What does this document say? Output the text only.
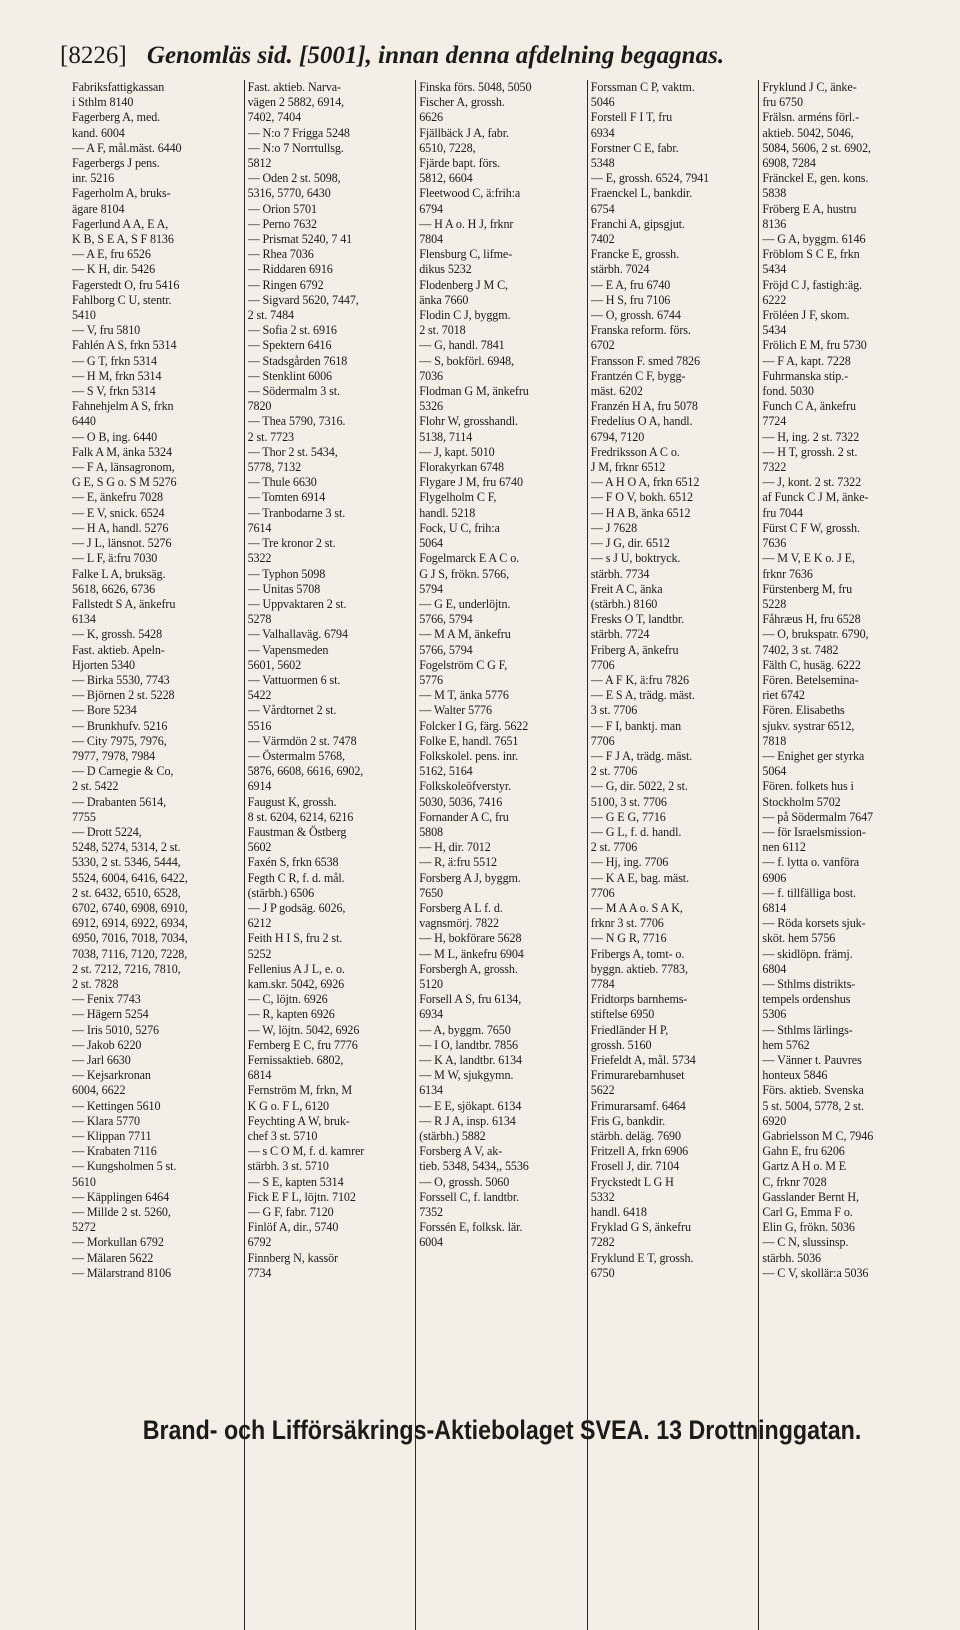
[8226] Genomläs sid. [5001], innan denna afdelning begagnas.
Fabriksfattigkassan
i Sthlm 8140
Fagerberg A, med.
kand. 6004
— A F, mål.mäst. 6440
Fagerbergs J pens.
inr. 5216
Fagerholm A, bruks-
ägare 8104
Fagerlund A A, E A,
K B, S E A, S F 8136
— A E, fru 6526
— K H, dir. 5426
Fagerstedt O, fru 5416
Fahlborg C U, stentr.
5410
— V, fru 5810
Fahlén A S, frkn 5314
— G T, frkn 5314
— H M, frkn 5314
— S V, frkn 5314
Fahnehjelm A S, frkn
6440
— O B, ing. 6440
Falk A M, änka 5324
— F A, länsagronom,
G E, S G o. S M 5276
— E, änkefru 7028
— E V, snick. 6524
— H A, handl. 5276
— J L, länsnot. 5276
— L F, ä:fru 7030
Falke L A, bruksäg.
5618, 6626, 6736
Fallstedt S A, änkefru
6134
— K, grossh. 5428
Fast. aktieb. Apeln-
Hjorten 5340
— Birka 5530, 7743
— Björnen 2 st. 5228
— Bore 5234
— Brunkhufv. 5216
— City 7975, 7976,
7977, 7978, 7984
— D Carnegie & Co,
2 st. 5422
— Drabanten 5614,
7755
— Drott 5224,
5248, 5274, 5314, 2 st.
5330, 2 st. 5346, 5444,
5524, 6004, 6416, 6422,
2 st. 6432, 6510, 6528,
6702, 6740, 6908, 6910,
6912, 6914, 6922, 6934,
6950, 7016, 7018, 7034,
7038, 7116, 7120, 7228,
2 st. 7212, 7216, 7810,
2 st. 7828
— Fenix 7743
— Hägern 5254
— Iris 5010, 5276
— Jakob 6220
— Jarl 6630
— Kejsarkronan
6004, 6622
— Kettingen 5610
— Klara 5770
— Klippan 7711
— Krabaten 7116
— Kungsholmen 5 st.
5610
— Käpplingen 6464
— Millde 2 st. 5260,
5272
— Morkullan 6792
— Mälaren 5622
— Mälarstrand 8106
Fast. aktieb. Narva-
vägen 2 5882, 6914,
7402, 7404
— N:o 7 Frigga 5248
— N:o 7 Norrtullsg.
5812
— Oden 2 st. 5098,
5316, 5770, 6430
— Orion 5701
— Perno 7632
— Prismat 5240, 7 41
— Rhea 7036
— Riddaren 6916
— Ringen 6792
— Sigvard 5620, 7447,
2 st. 7484
— Sofia 2 st. 6916
— Spektern 6416
— Stadsgården 7618
— Stenklint 6006
— Södermalm 3 st.
7820
— Thea 5790, 7316.
2 st. 7723
— Thor 2 st. 5434,
5778, 7132
— Thule 6630
— Tomten 6914
— Tranbodarne 3 st.
7614
— Tre kronor 2 st.
5322
— Typhon 5098
— Unitas 5708
— Uppvaktaren 2 st.
5278
— Valhallaväg. 6794
— Vapensmeden
5601, 5602
— Vattuormen 6 st.
5422
— Vårdtornet 2 st.
5516
— Värmdön 2 st. 7478
— Östermalm 5768,
5876, 6608, 6616, 6902,
6914
Faugust K, grossh.
8 st. 6204, 6214, 6216
Faustman & Östberg
5602
Faxén S, frkn 6538
Fegth C R, f. d. mål.
(stärbh.) 6506
— J P godsäg. 6026,
6212
Feith H I S, fru 2 st.
5252
Fellenius A J L, e. o.
kam.skr. 5042, 6926
— C, löjtn. 6926
— R, kapten 6926
— W, löjtn. 5042, 6926
Fernberg E C, fru 7776
Fernissaktieb. 6802,
6814
Fernström M, frkn, M
K G o. F L, 6120
Feychting A W, bruk-
chef 3 st. 5710
— s C O M, f. d. kamrer
stärbh. 3 st. 5710
— S E, kapten 5314
Fick E F L, löjtn. 7102
— G F, fabr. 7120
Finlöf A, dir., 5740
6792
Finnberg N, kassör
7734
Finska förs. 5048, 5050
Fischer A, grossh.
6626
Fjällbäck J A, fabr.
6510, 7228,
Fjärde bapt. förs.
5812, 6604
Fleetwood C, ä:frih:a
6794
— H A o. H J, frknr
7804
Flensburg C, lifme-
dikus 5232
Flodenberg J M C,
änka 7660
Flodin C J, byggm.
2 st. 7018
— G, handl. 7841
— S, bokförl. 6948,
7036
Flodman G M, änkefru
5326
Flohr W, grosshandl.
5138, 7114
— J, kapt. 5010
Florakyrkan 6748
Flygare J M, fru 6740
Flygelholm C F,
handl. 5218
Fock, U C, frih:a
5064
Fogelmarck E A C o.
G J S, frökn. 5766,
5794
— G E, underlöjtn.
5766, 5794
— M A M, änkefru
5766, 5794
Fogelström C G F,
5776
— M T, änka 5776
— Walter 5776
Folcker I G, färg. 5622
Folke E, handl. 7651
Folkskolel. pens. inr.
5162, 5164
Folkskoleöfverstyr.
5030, 5036, 7416
Fornander A C, fru
5808
— H, dir. 7012
— R, ä:fru 5512
Forsberg A J, byggm.
7650
Forsberg A L f. d.
vagnsmörj. 7822
— H, bokförare 5628
— M L, änkefru 6904
Forsbergh A, grossh.
5120
Forsell A S, fru 6134,
6934
— A, byggm. 7650
— I O, landtbr. 7856
— K A, landtbr. 6134
— M W, sjukgymn.
6134
— E E, sjökapt. 6134
— R J A, insp. 6134
(stärbh.) 5882
Forsberg A V, ak-
tieb. 5348, 5434,, 5536
— O, grossh. 5060
Forssell C, f. landtbr.
7352
Forssén E, folksk. lär.
6004
Forssman C P, vaktm.
5046
Forstell F I T, fru
6934
Forstner C E, fabr.
5348
— E, grossh. 6524, 7941
Fraenckel L, bankdir.
6754
Franchi A, gipsgjut.
7402
Francke E, grossh.
stärbh. 7024
— E A, fru 6740
— H S, fru 7106
— O, grossh. 6744
Franska reform. förs.
6702
Fransson F. smed 7826
Frantzén C F, bygg-
mäst. 6202
Franzén H A, fru 5078
Fredelius O A, handl.
6794, 7120
Fredriksson A C o.
J M, frknr 6512
— A H O A, frkn 6512
— F O V, bokh. 6512
— H A B, änka 6512
— J 7628
— J G, dir. 6512
— s J U, boktryck.
stärbh. 7734
Freit A C, änka
(stärbh.) 8160
Fresks O T, landtbr.
stärbh. 7724
Friberg A, änkefru
7706
— A F K, ä:fru 7826
— E S A, trädg. mäst.
3 st. 7706
— F I, banktj. man
7706
— F J A, trädg. mäst.
2 st. 7706
— G, dir. 5022, 2 st.
5100, 3 st. 7706
— G E G, 7716
— G L, f. d. handl.
2 st. 7706
— Hj, ing. 7706
— K A E, bag. mäst.
7706
— M A A o. S A K,
frknr 3 st. 7706
— N G R, 7716
Fribergs A, tomt- o.
byggn. aktieb. 7783,
7784
Fridtorps barnhems-
stiftelse 6950
Friedländer H P,
grossh. 5160
Friefeldt A, mål. 5734
Frimurarebarnhuset
5622
Frimurarsamf. 6464
Fris G, bankdir.
stärbh. deläg. 7690
Fritzell A, frkn 6906
Frosell J, dir. 7104
Fryckstedt L G H
5332
handl. 6418
Fryklad G S, änkefru
7282
Fryklund E T, grossh.
6750
Fryklund J C, änke-
fru 6750
Frälsn. arméns förl.-
aktieb. 5042, 5046,
5084, 5606, 2 st. 6902,
6908, 7284
Fränckel E, gen. kons.
5838
Fröberg E A, hustru
8136
— G A, byggm. 6146
Fröblom S C E, frkn
5434
Fröjd C J, fastigh:äg.
6222
Fröléen J F, skom.
5434
Frölich E M, fru 5730
— F A, kapt. 7228
Fuhrmanska stip.-
fond. 5030
Funch C A, änkefru
7724
— H, ing. 2 st. 7322
— H T, grossh. 2 st.
7322
— J, kont. 2 st. 7322
af Funck C J M, änke-
fru 7044
Fürst C F W, grossh.
7636
— M V, E K o. J E,
frknr 7636
Fürstenberg M, fru
5228
Fåhræus H, fru 6528
— O, brukspatr. 6790,
7402, 3 st. 7482
Fälth C, husäg. 6222
Fören. Betelsemina-
riet 6742
Fören. Elisabeths
sjukv. systrar 6512,
7818
— Enighet ger styrka
5064
Fören. folkets hus i
Stockholm 5702
— på Södermalm 7647
— för Israelsmission-
nen 6112
— f. lytta o. vanföra
6906
— f. tillfälliga bost.
6814
— Röda korsets sjuk-
sköt. hem 5756
— skidlöpn. främj.
6804
— Sthlms distrikts-
tempels ordenshus
5306
— Sthlms lärlings-
hem 5762
— Vänner t. Pauvres
honteux 5846
Förs. aktieb. Svenska
5 st. 5004, 5778, 2 st.
6920
Gabrielsson M C, 7946
Gahn E, fru 6206
Gartz A H o. M E
C, frknr 7028
Gasslander Bernt H,
Carl G, Emma F o.
Elin G, frökn. 5036
— C N, slussinsp.
stärbh. 5036
— C V, skollär:a 5036
Brand- och Lifförsäkrings-Aktiebolaget SVEA. 13 Drottninggatan.
